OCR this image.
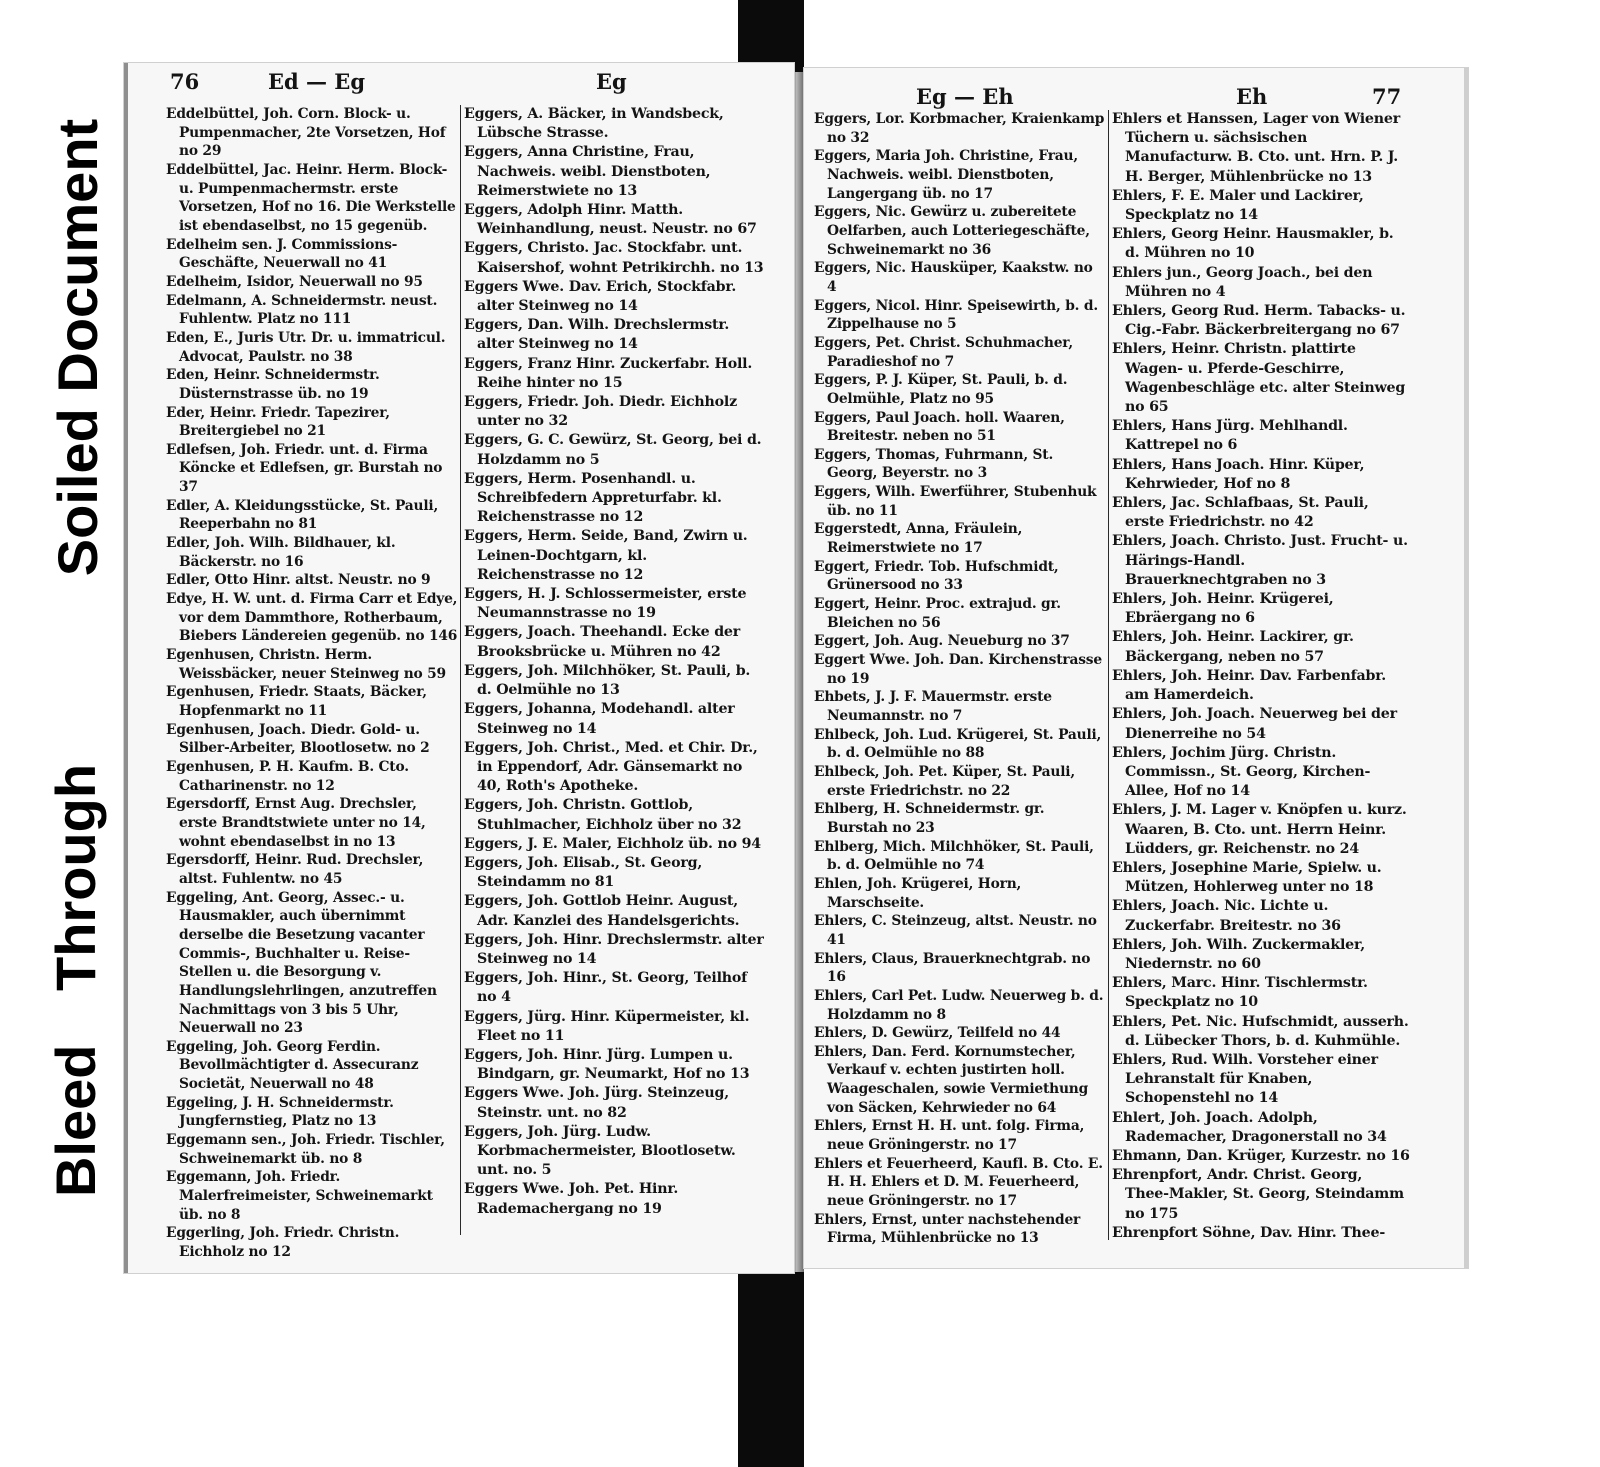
Soiled Document
Bleed Through
76	Ed — Eg	Eg
Eddelbüttel, Joh. Corn. Block- u. Pumpenmacher, 2te Vorsetzen, Hof no 29
Eddelbüttel, Jac. Heinr. Herm. Block- u. Pumpenmachermstr. erste Vorsetzen, Hof no 16. Die Werkstelle ist ebendaselbst, no 15 gegenüb.
Edelheim sen. J. Commissions-Geschäfte, Neuerwall no 41
Edelheim, Isidor, Neuerwall no 95
Edelmann, A. Schneidermstr. neust. Fuhlentw. Platz no 111
Eden, E., Juris Utr. Dr. u. immatricul. Advocat, Paulstr. no 38
Eden, Heinr. Schneidermstr. Düsternstrasse üb. no 19
Eder, Heinr. Friedr. Tapezirer, Breitergiebel no 21
Edlefsen, Joh. Friedr. unt. d. Firma Köncke et Edlefsen, gr. Burstah no 37
Edler, A. Kleidungsstücke, St. Pauli, Reeperbahn no 81
Edler, Joh. Wilh. Bildhauer, kl. Bäckerstr. no 16
Edler, Otto Hinr. altst. Neustr. no 9
Edye, H. W. unt. d. Firma Carr et Edye, vor dem Dammthore, Rotherbaum, Biebers Ländereien gegenüb. no 146
Egenhusen, Christn. Herm. Weissbäcker, neuer Steinweg no 59
Egenhusen, Friedr. Staats, Bäcker, Hopfenmarkt no 11
Egenhusen, Joach. Diedr. Gold- u. Silber-Arbeiter, Blootlosetw. no 2
Egenhusen, P. H. Kaufm. B. Cto. Catharinenstr. no 12
Egersdorff, Ernst Aug. Drechsler, erste Brandtstwiete unter no 14, wohnt ebendaselbst in no 13
Egersdorff, Heinr. Rud. Drechsler, altst. Fuhlentw. no 45
Eggeling, Ant. Georg, Assec.- u. Hausmakler, auch übernimmt derselbe die Besetzung vacanter Commis-, Buchhalter u. Reise-Stellen u. die Besorgung v. Handlungslehrlingen, anzutreffen Nachmittags von 3 bis 5 Uhr, Neuerwall no 23
Eggeling, Joh. Georg Ferdin. Bevollmächtigter d. Assecuranz Societät, Neuerwall no 48
Eggeling, J. H. Schneidermstr. Jungfernstieg, Platz no 13
Eggemann sen., Joh. Friedr. Tischler, Schweinemarkt üb. no 8
Eggemann, Joh. Friedr. Malerfreimeister, Schweinemarkt üb. no 8
Eggerling, Joh. Friedr. Christn. Eichholz no 12
Eggers, A. Bäcker, in Wandsbeck, Lübsche Strasse.
Eggers, Anna Christine, Frau, Nachweis. weibl. Dienstboten, Reimerstwiete no 13
Eggers, Adolph Hinr. Matth. Weinhandlung, neust. Neustr. no 67
Eggers, Christo. Jac. Stockfabr. unt. Kaisershof, wohnt Petrikirchh. no 13
Eggers Wwe. Dav. Erich, Stockfabr. alter Steinweg no 14
Eggers, Dan. Wilh. Drechslermstr. alter Steinweg no 14
Eggers, Franz Hinr. Zuckerfabr. Holl. Reihe hinter no 15
Eggers, Friedr. Joh. Diedr. Eichholz unter no 32
Eggers, G. C. Gewürz, St. Georg, bei d. Holzdamm no 5
Eggers, Herm. Posenhandl. u. Schreibfedern Appreturfabr. kl. Reichenstrasse no 12
Eggers, Herm. Seide, Band, Zwirn u. Leinen-Dochtgarn, kl. Reichenstrasse no 12
Eggers, H. J. Schlossermeister, erste Neumannstrasse no 19
Eggers, Joach. Theehandl. Ecke der Brooksbrücke u. Mühren no 42
Eggers, Joh. Milchhöker, St. Pauli, b. d. Oelmühle no 13
Eggers, Johanna, Modehandl. alter Steinweg no 14
Eggers, Joh. Christ., Med. et Chir. Dr., in Eppendorf, Adr. Gänsemarkt no 40, Roth's Apotheke.
Eggers, Joh. Christn. Gottlob, Stuhlmacher, Eichholz über no 32
Eggers, J. E. Maler, Eichholz üb. no 94
Eggers, Joh. Elisab., St. Georg, Steindamm no 81
Eggers, Joh. Gottlob Heinr. August, Adr. Kanzlei des Handelsgerichts.
Eggers, Joh. Hinr. Drechslermstr. alter Steinweg no 14
Eggers, Joh. Hinr., St. Georg, Teilhof no 4
Eggers, Jürg. Hinr. Küpermeister, kl. Fleet no 11
Eggers, Joh. Hinr. Jürg. Lumpen u. Bindgarn, gr. Neumarkt, Hof no 13
Eggers Wwe. Joh. Jürg. Steinzeug, Steinstr. unt. no 82
Eggers, Joh. Jürg. Ludw. Korbmachermeister, Blootlosetw. unt. no. 5
Eggers Wwe. Joh. Pet. Hinr. Rademachergang no 19
Eg — Eh	Eh	77
Eggers, Lor. Korbmacher, Kraienkamp no 32
Eggers, Maria Joh. Christine, Frau, Nachweis. weibl. Dienstboten, Langergang üb. no 17
Eggers, Nic. Gewürz u. zubereitete Oelfarben, auch Lotteriegeschäfte, Schweinemarkt no 36
Eggers, Nic. Hausküper, Kaakstw. no 4
Eggers, Nicol. Hinr. Speisewirth, b. d. Zippelhause no 5
Eggers, Pet. Christ. Schuhmacher, Paradieshof no 7
Eggers, P. J. Küper, St. Pauli, b. d. Oelmühle, Platz no 95
Eggers, Paul Joach. holl. Waaren, Breitestr. neben no 51
Eggers, Thomas, Fuhrmann, St. Georg, Beyerstr. no 3
Eggers, Wilh. Ewerführer, Stubenhuk üb. no 11
Eggerstedt, Anna, Fräulein, Reimerstwiete no 17
Eggert, Friedr. Tob. Hufschmidt, Grünersood no 33
Eggert, Heinr. Proc. extrajud. gr. Bleichen no 56
Eggert, Joh. Aug. Neueburg no 37
Eggert Wwe. Joh. Dan. Kirchenstrasse no 19
Ehbets, J. J. F. Mauermstr. erste Neumannstr. no 7
Ehlbeck, Joh. Lud. Krügerei, St. Pauli, b. d. Oelmühle no 88
Ehlbeck, Joh. Pet. Küper, St. Pauli, erste Friedrichstr. no 22
Ehlberg, H. Schneidermstr. gr. Burstah no 23
Ehlberg, Mich. Milchhöker, St. Pauli, b. d. Oelmühle no 74
Ehlen, Joh. Krügerei, Horn, Marschseite.
Ehlers, C. Steinzeug, altst. Neustr. no 41
Ehlers, Claus, Brauerknechtgrab. no 16
Ehlers, Carl Pet. Ludw. Neuerweg b. d. Holzdamm no 8
Ehlers, D. Gewürz, Teilfeld no 44
Ehlers, Dan. Ferd. Kornumstecher, Verkauf v. echten justirten holl. Waageschalen, sowie Vermiethung von Säcken, Kehrwieder no 64
Ehlers, Ernst H. H. unt. folg. Firma, neue Gröningerstr. no 17
Ehlers et Feuerheerd, Kaufl. B. Cto. E. H. H. Ehlers et D. M. Feuerheerd, neue Gröningerstr. no 17
Ehlers, Ernst, unter nachstehender Firma, Mühlenbrücke no 13
Ehlers et Hanssen, Lager von Wiener Tüchern u. sächsischen Manufacturw. B. Cto. unt. Hrn. P. J. H. Berger, Mühlenbrücke no 13
Ehlers, F. E. Maler und Lackirer, Speckplatz no 14
Ehlers, Georg Heinr. Hausmakler, b. d. Mühren no 10
Ehlers jun., Georg Joach., bei den Mühren no 4
Ehlers, Georg Rud. Herm. Tabacks- u. Cig.-Fabr. Bäckerbreitergang no 67
Ehlers, Heinr. Christn. plattirte Wagen- u. Pferde-Geschirre, Wagenbeschläge etc. alter Steinweg no 65
Ehlers, Hans Jürg. Mehlhandl. Kattrepel no 6
Ehlers, Hans Joach. Hinr. Küper, Kehrwieder, Hof no 8
Ehlers, Jac. Schlafbaas, St. Pauli, erste Friedrichstr. no 42
Ehlers, Joach. Christo. Just. Frucht- u. Härings-Handl. Brauerknechtgraben no 3
Ehlers, Joh. Heinr. Krügerei, Ebräergang no 6
Ehlers, Joh. Heinr. Lackirer, gr. Bäckergang, neben no 57
Ehlers, Joh. Heinr. Dav. Farbenfabr. am Hamerdeich.
Ehlers, Joh. Joach. Neuerweg bei der Dienerreihe no 54
Ehlers, Jochim Jürg. Christn. Commissn., St. Georg, Kirchen-Allee, Hof no 14
Ehlers, J. M. Lager v. Knöpfen u. kurz. Waaren, B. Cto. unt. Herrn Heinr. Lüdders, gr. Reichenstr. no 24
Ehlers, Josephine Marie, Spielw. u. Mützen, Hohlerweg unter no 18
Ehlers, Joach. Nic. Lichte u. Zuckerfabr. Breitestr. no 36
Ehlers, Joh. Wilh. Zuckermakler, Niedernstr. no 60
Ehlers, Marc. Hinr. Tischlermstr. Speckplatz no 10
Ehlers, Pet. Nic. Hufschmidt, ausserh. d. Lübecker Thors, b. d. Kuhmühle.
Ehlers, Rud. Wilh. Vorsteher einer Lehranstalt für Knaben, Schopenstehl no 14
Ehlert, Joh. Joach. Adolph, Rademacher, Dragonerstall no 34
Ehmann, Dan. Krüger, Kurzestr. no 16
Ehrenpfort, Andr. Christ. Georg, Thee-Makler, St. Georg, Steindamm no 175
Ehrenpfort Söhne, Dav. Hinr. Thee-
